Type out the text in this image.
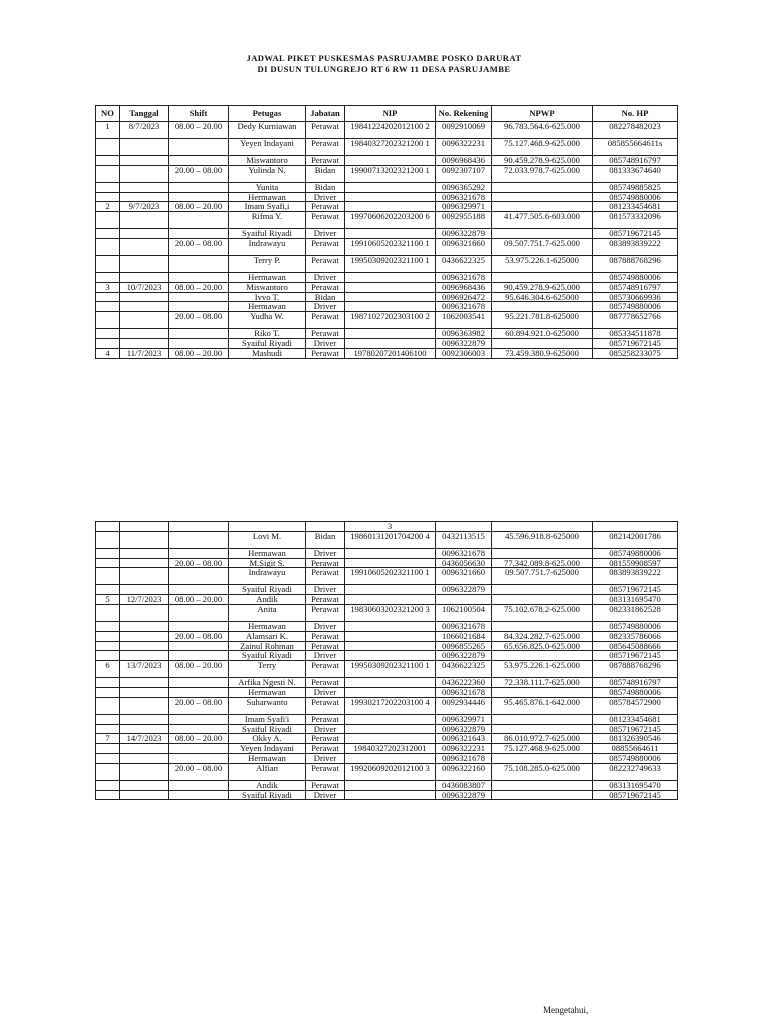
JADWAL PIKET PUSKESMAS PASRUJAMBE POSKO DARURAT
DI DUSUN TULUNGREJO RT 6 RW 11 DESA PASRUJAMBE
NO	Tanggal	Shift	Petugas	Jabatan	NIP	No. Rekening	NPWP	No. HP
1	8/7/2023	08.00 – 20.00	Dedy Kurniawan	Perawat	19841224202012100 2	0092910069	96.783.564.6-625.000	082278482023
			Yeyen Indayani	Perawat	19840327202321200 1	0096322231	75.127.468.9-625.000	085855664611s
			Miswantoro	Perawat		0096968436	90.459.278.9-625.000	085748916797
		20.00 – 08.00	Yulinda N.	Bidan	19900713202321200 1	0092307107	72.033.978.7-625.000	081333674640
			Yunita	Bidan		0096365292		085749885825
			Hermawan	Driver		0096321678		085749880006
2	9/7/2023	08.00 – 20.00	Imam Syafi,i	Perawat		0096329971		081233454681
			Rifma Y.	Perawat	19970606202203200 6	0092955188	41.477.505.6-603.000	081573332096
			Syaiful Riyadi	Driver		0096322879		085719672145
		20.00 – 08.00	Indrawayu	Perawat	19910605202321100 1	0096321660	09.507.751.7-625.000	083893839222
			Terry P.	Perawat	19950309202321100 1	0436622325	53.975.226.1-625000	087888768296
			Hermawan	Driver		0096321678		085749880006
3	10/7/2023	08.00 – 20.00	Miswantoro	Perawat		0096968436	90.459.278.9-625.000	085748916797
			Ivvo T.	Bidan		0096926472	95.646.304.6-625000	085730669936
			Hermawan	Driver		0096321678		085749880006
		20.00 – 08.00	Yudha W.	Perawat	19871027202303100 2	1062003541	95.221.781.8-625000	087778652766
			Riko T.	Perawat		0096363982	60.894.921.0-625000	085334511878
			Syaiful Riyadi	Driver		0096322879		085719672145
4	11/7/2023	08.00 – 20.00	Mashudi	Perawat	19780207201406100	0092306003	73.459.380.9-625000	085258233075
					3			
			Lovi M.	Bidan	19860131201704200 4	0432113515	45.596.918.8-625000	082142001786
			Hermawan	Driver		0096321678		085749880006
		20.00 – 08.00	M.Sigit S.	Perawat		0436056630	77.342.089.8-625.000	081559908597
			Indrawayu	Perawat	19910605202321100 1	0096321660	09.507.751.7-625000	083893839222
			Syaiful Riyadi	Driver		0096322879		085719672145
5	12/7/2023	08.00 – 20.00	Andik	Perawat				083131695470
			Anita	Perawat	19830603202321200 3	1062100504	75.102.678.2-625.000	082331862528
			Hermawan	Driver		0096321678		085749880006
		20.00 – 08.00	Alamsari K.	Perawat		1066021684	84.324.282.7-625.000	082335786066
			Zainul Rohman	Perawat		0096855265	65.656.825.0-625.000	085645088666
			Syaiful Riyadi	Driver		0096322879		085719672145
6	13/7/2023	08.00 – 20.00	Terry	Perawat	19950309202321100 1	0436622325	53.975.226.1-625.000	087888768296
			Arfika Ngesti N.	Perawat		0436222360	72.338.111.7-625.000	085748916797
			Hermawan	Driver		0096321678		085749880006
		20.00 – 08.00	Suharwanto	Perawat	19930217202203100 4	0092934446	95.465.876.1-642.000	085784572900
			Imam Syafi'i	Perawat		0096329971		081233454681
			Syaiful Riyadi	Driver		0096322879		085719672145
7	14/7/2023	08.00 – 20.00	Okky A.	Perawat		0096321643	86.010.972.7-625.000	081326390546
			Yeyen Indayani	Perawat	19840327202312001	0096322231	75.127.468.9-625.000	08855664611
			Hermawan	Driver		0096321678		085749880006
		20.00 – 08.00	Alfian	Perawat	19920609202012100 3	0096322160	75.108.285.0-625.000	082232749633
			Andik	Perawat		0436083807		083131695470
			Syaiful Riyadi	Driver		0096322879		085719672145
Mengetahui,
